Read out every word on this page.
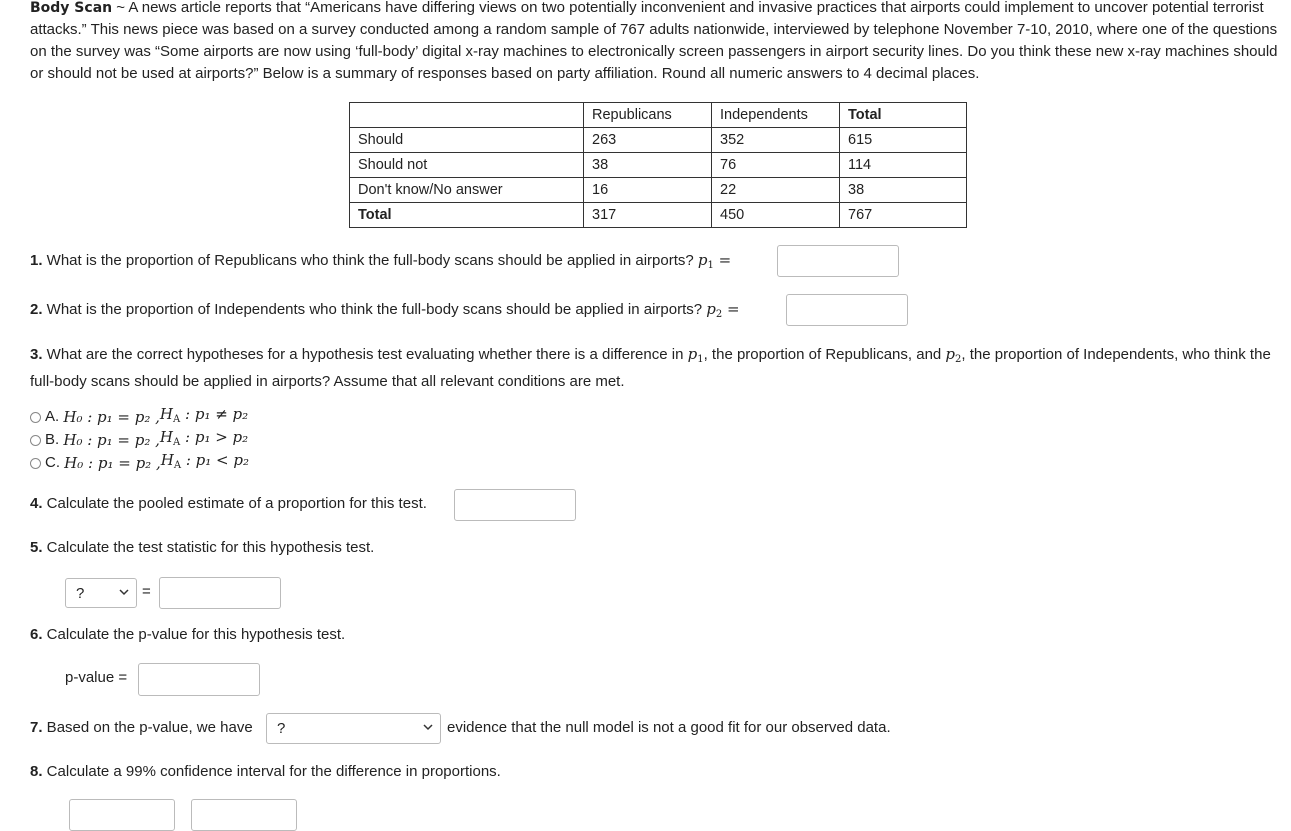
Body Scan ~ A news article reports that “Americans have differing views on two potentially inconvenient and invasive practices that airports could implement to uncover potential terrorist attacks.” This news piece was based on a survey conducted among a random sample of 767 adults nationwide, interviewed by telephone November 7-10, 2010, where one of the questions on the survey was “Some airports are now using ‘full-body’ digital x-ray machines to electronically screen passengers in airport security lines. Do you think these new x-ray machines should or should not be used at airports?” Below is a summary of responses based on party affiliation. Round all numeric answers to 4 decimal places.
	Republicans	Independents	Total
Should	263	352	615
Should not	38	76	114
Don't know/No answer	16	22	38
Total	317	450	767
1. What is the proportion of Republicans who think the full-body scans should be applied in airports? $p_1$ =
2. What is the proportion of Independents who think the full-body scans should be applied in airports? $p_2$ =
3. What are the correct hypotheses for a hypothesis test evaluating whether there is a difference in $p_1$, the proportion of Republicans, and $p_2$, the proportion of Independents, who think the full-body scans should be applied in airports? Assume that all relevant conditions are met.
A.
H₀ : p₁ = p₂ , $H_A$ : p₁ ≠ p₂
B.
H₀ : p₁ = p₂ , $H_A$ : p₁ > p₂
C.
H₀ : p₁ = p₂ , $H_A$ : p₁ < p₂
4. Calculate the pooled estimate of a proportion for this test.
5. Calculate the test statistic for this hypothesis test.
?	=
6. Calculate the p-value for this hypothesis test.
p-value =
7. Based on the p-value, we have ?	evidence that the null model is not a good fit for our observed data.
8. Calculate a 99% confidence interval for the difference in proportions.
